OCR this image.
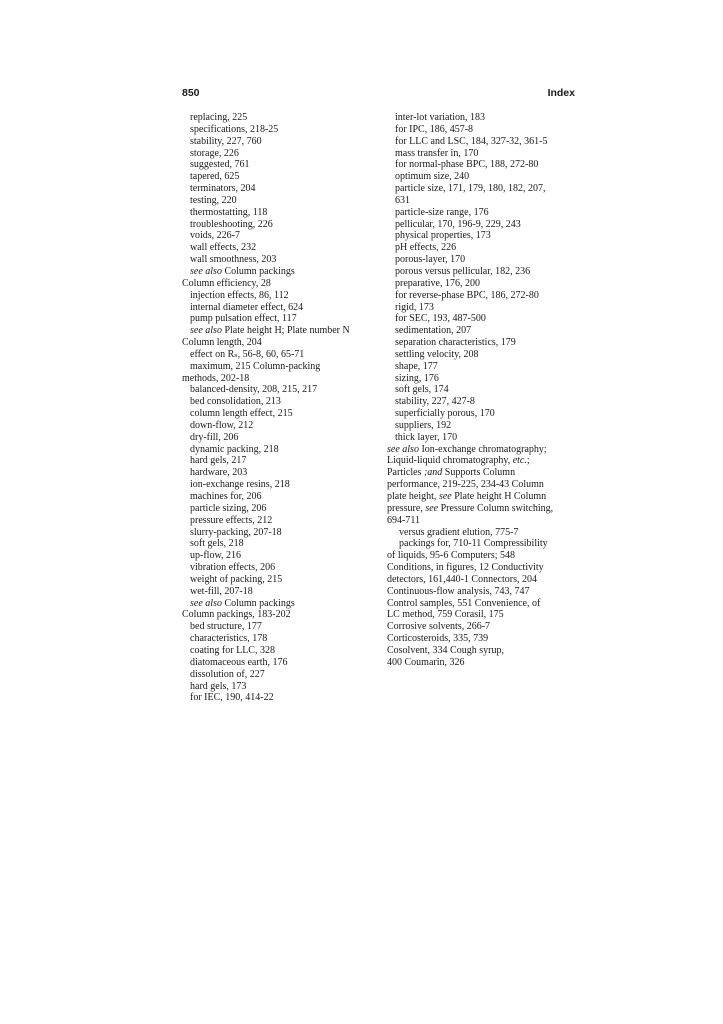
850	Index
replacing, 225
specifications, 218-25
stability, 227, 760
storage, 226
suggested, 761
tapered, 625
terminators, 204
testing, 220
thermostatting, 118
troubleshooting, 226
voids, 226-7
wall effects, 232
wall smoothness, 203
see also Column packings
Column efficiency, 28
injection effects, 86, 112
internal diameter effect, 624
pump pulsation effect, 117
see also Plate height H; Plate number N
Column length, 204
effect on Rₛ, 56-8, 60, 65-71
maximum, 215 Column-packing
methods, 202-18
balanced-density, 208, 215, 217
bed consolidation, 213
column length effect, 215
down-flow, 212
dry-fill, 206
dynamic packing, 218
hard gels, 217
hardware, 203
ion-exchange resins, 218
machines for, 206
particle sizing, 206
pressure effects, 212
slurry-packing, 207-18
soft gels, 218
up-flow, 216
vibration effects, 206
weight of packing, 215
wet-fill, 207-18
see also Column packings
Column packings, 183-202
bed structure, 177
characteristics, 178
coating for LLC, 328
diatomaceous earth, 176
dissolution of, 227
hard gels, 173
for IEC, 190, 414-22
inter-lot variation, 183
for IPC, 186, 457-8
for LLC and LSC, 184, 327-32, 361-5
mass transfer in, 170
for normal-phase BPC, 188, 272-80
optimum size, 240
particle size, 171, 179, 180, 182, 207,
631
particle-size range, 176
pellicular, 170, 196-9, 229, 243
physical properties, 173
pH effects, 226
porous-layer, 170
porous versus pellicular, 182, 236
preparative, 176, 200
for reverse-phase BPC, 186, 272-80
rigid, 173
for SEC, 193, 487-500
sedimentation, 207
separation characteristics, 179
settling velocity, 208
shape, 177
sizing, 176
soft gels, 174
stability, 227, 427-8
superficially porous, 170
suppliers, 192
thick layer, 170
see also Ion-exchange chromatography;
Liquid-liquid chromatography, etc.;
Particles ;and Supports Column
performance, 219-225, 234-43 Column
plate height, see Plate height H Column
pressure, see Pressure Column switching,
694-711
versus gradient elution, 775-7
packings for, 710-11 Compressibility
of liquids, 95-6 Computers; 548
Conditions, in figures, 12 Conductivity
detectors, 161,440-1 Connectors, 204
Continuous-flow analysis, 743, 747
Control samples, 551 Convenience, of
LC method, 759 Corasil, 175
Corrosive solvents, 266-7
Corticosteroids, 335, 739
Cosolvent, 334 Cough syrup,
400 Coumarin, 326
